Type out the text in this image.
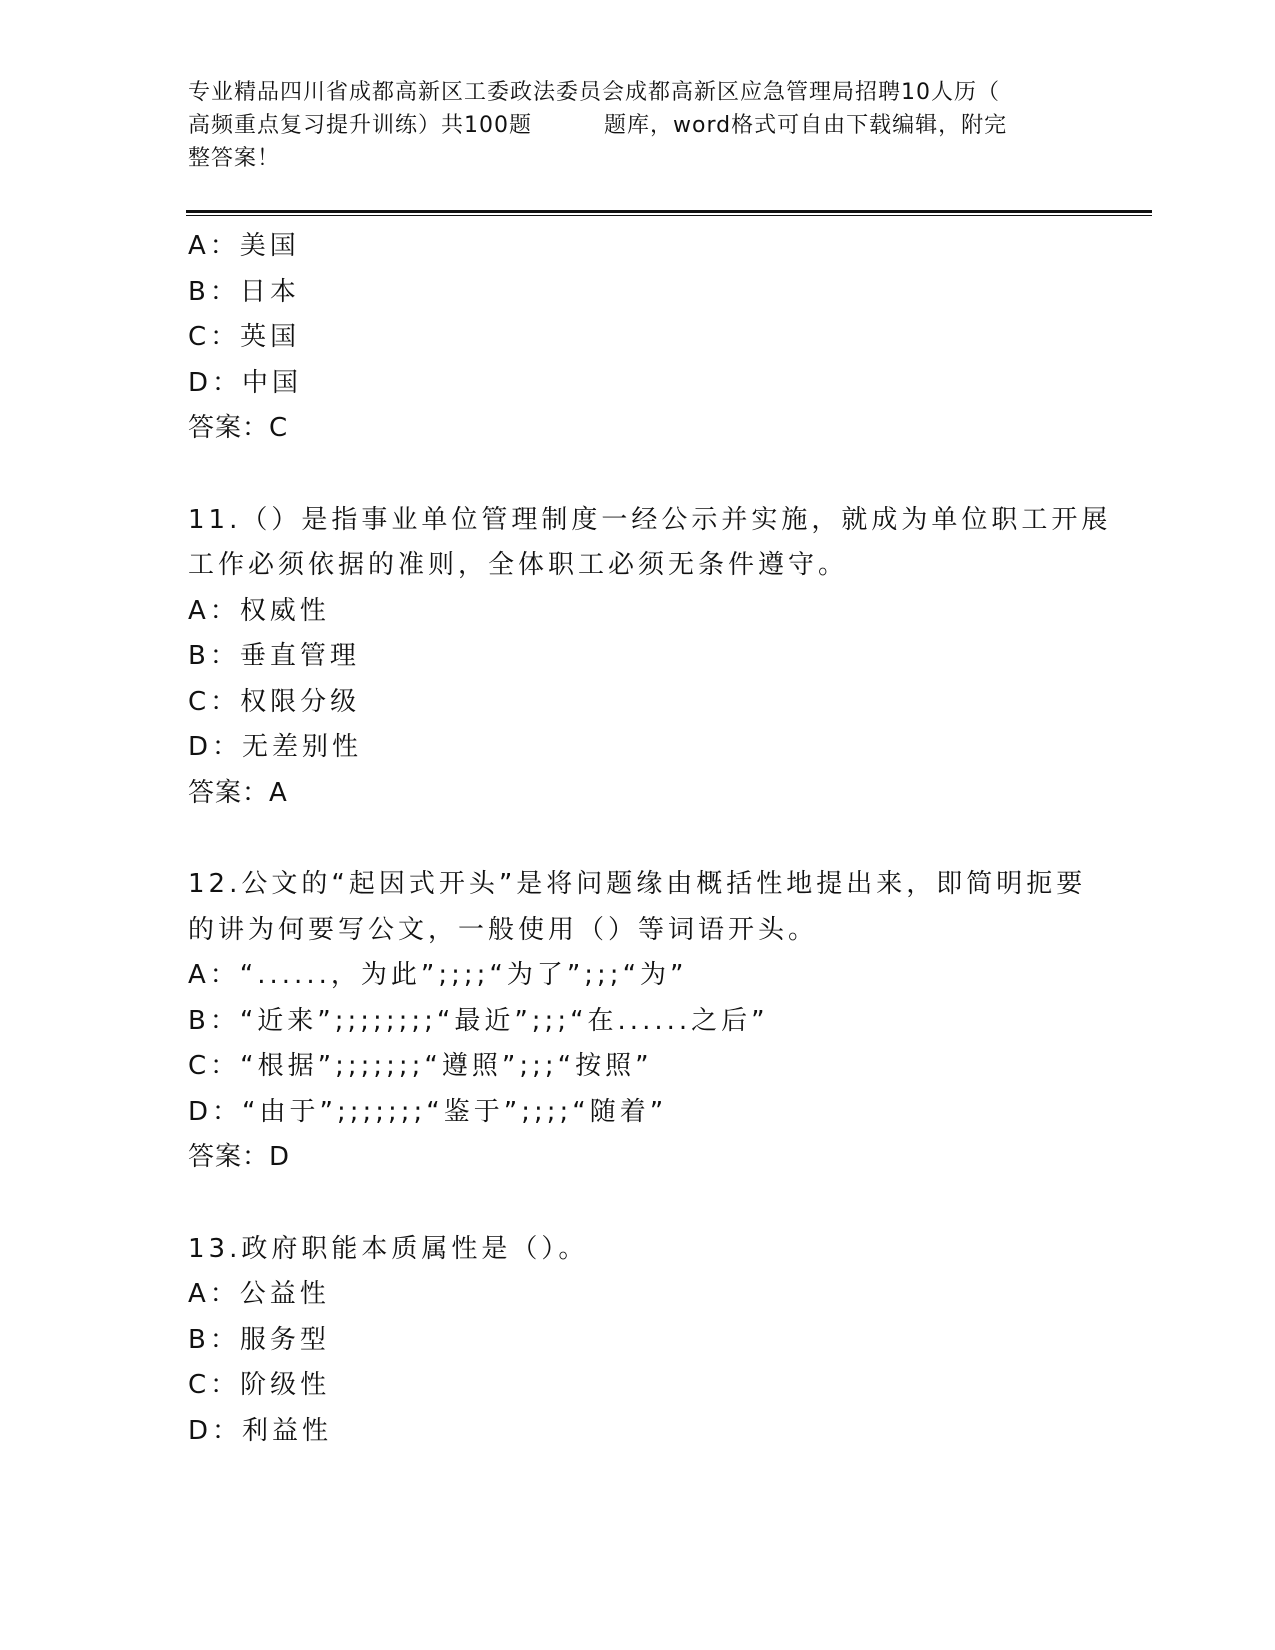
专业精品四川省成都高新区工委政法委员会成都高新区应急管理局招聘10人历（
高频重点复习提升训练）共100题	题库，word格式可自由下载编辑，附完
整答案！
A：美国
B：日本
C：英国
D：中国
答案：C
11.（）是指事业单位管理制度一经公示并实施，就成为单位职工开展
工作必须依据的准则，全体职工必须无条件遵守。
A：权威性
B：垂直管理
C：权限分级
D：无差别性
答案：A
12.公文的“起因式开头”是将问题缘由概括性地提出来，即简明扼要
的讲为何要写公文，一般使用（）等词语开头。
A：“......，为此”;;;;“为了”;;;“为”
B：“近来”;;;;;;;;“最近”;;;“在......之后”
C：“根据”;;;;;;;“遵照”;;;“按照”
D：“由于”;;;;;;;“鉴于”;;;;“随着”
答案：D
13.政府职能本质属性是（）。
A：公益性
B：服务型
C：阶级性
D：利益性
